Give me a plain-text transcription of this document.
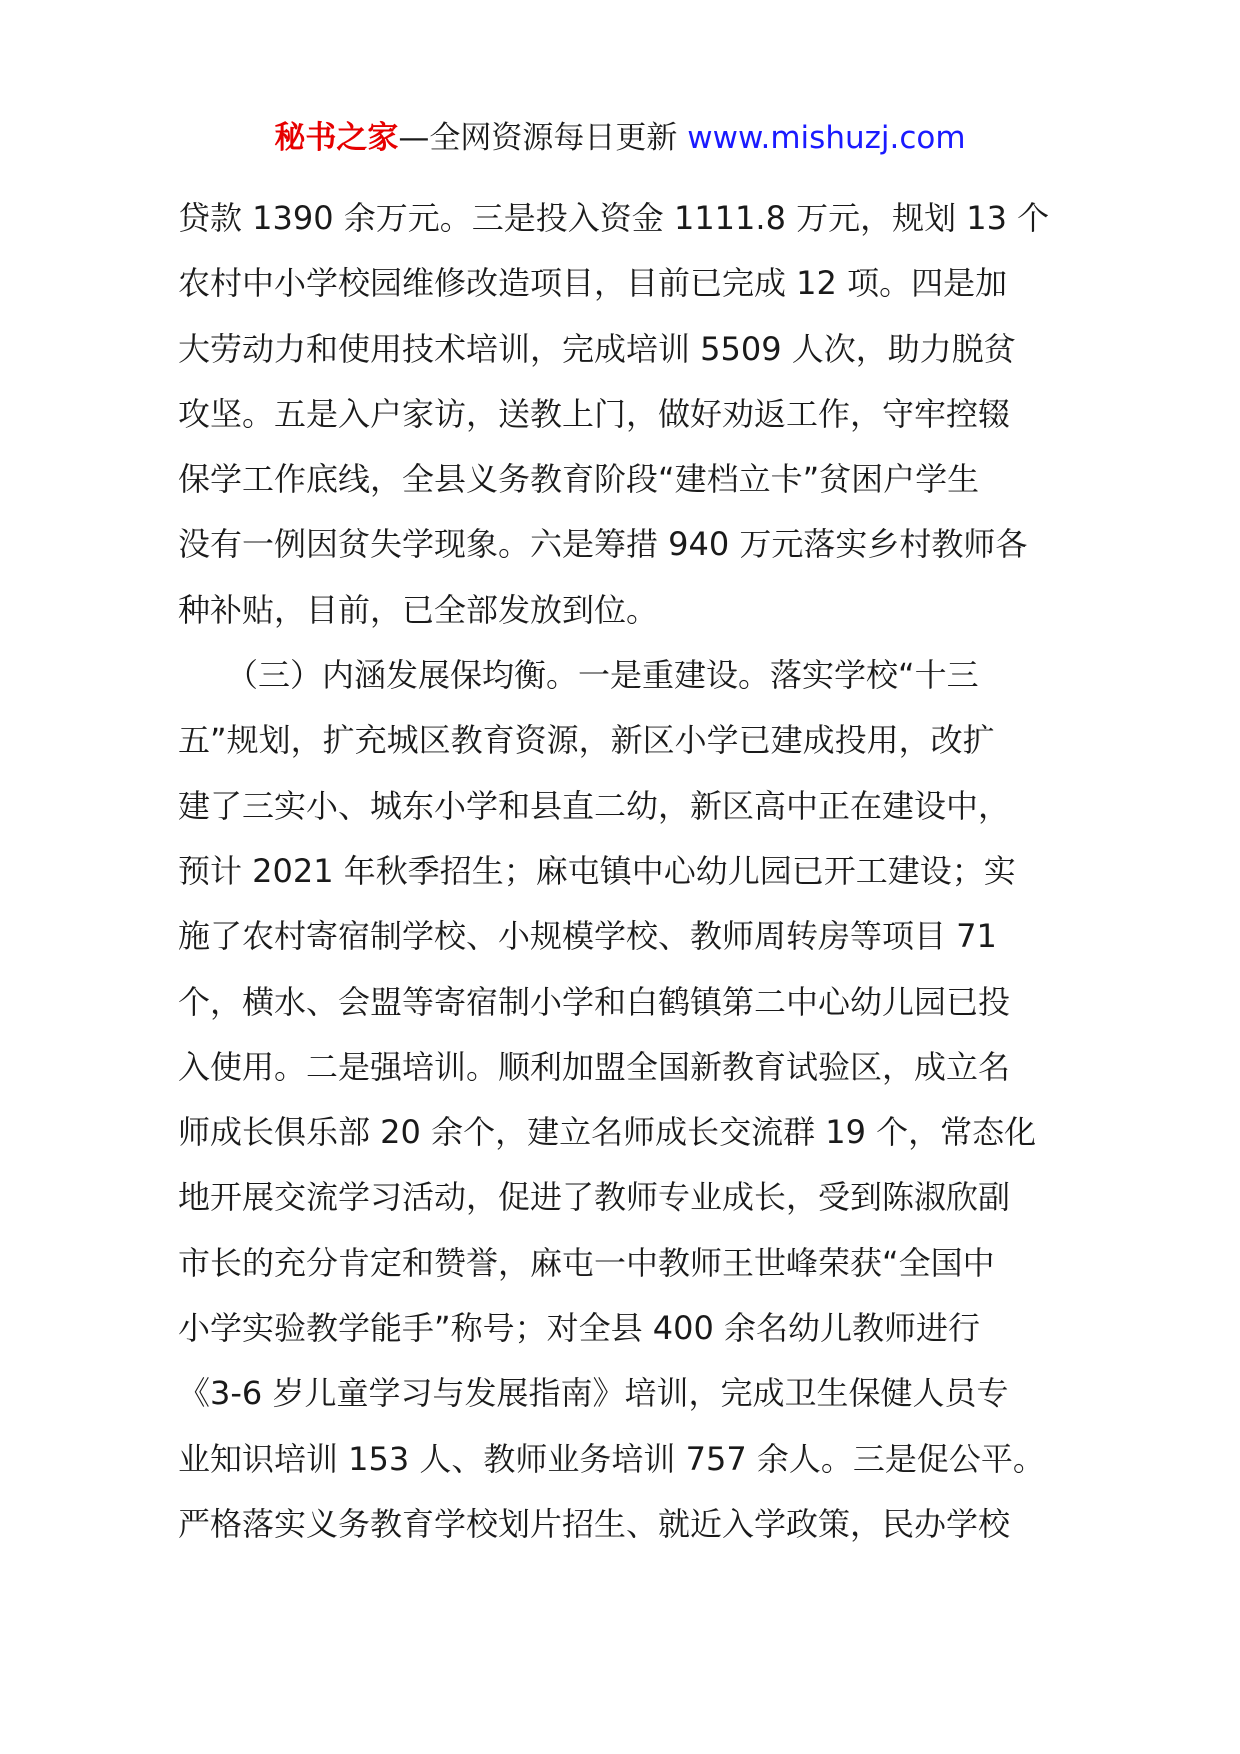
秘书之家—全网资源每日更新 www.mishuzj.com
贷款 1390 余万元。三是投入资金 1111.8 万元，规划 13 个
农村中小学校园维修改造项目，目前已完成 12 项。四是加
大劳动力和使用技术培训，完成培训 5509 人次，助力脱贫
攻坚。五是入户家访，送教上门，做好劝返工作，守牢控辍
保学工作底线，全县义务教育阶段“建档立卡”贫困户学生
没有一例因贫失学现象。六是筹措 940 万元落实乡村教师各
种补贴，目前，已全部发放到位。
　　（三）内涵发展保均衡。一是重建设。落实学校“十三
五”规划，扩充城区教育资源，新区小学已建成投用，改扩
建了三实小、城东小学和县直二幼，新区高中正在建设中，
预计 2021 年秋季招生；麻屯镇中心幼儿园已开工建设；实
施了农村寄宿制学校、小规模学校、教师周转房等项目 71
个，横水、会盟等寄宿制小学和白鹤镇第二中心幼儿园已投
入使用。二是强培训。顺利加盟全国新教育试验区，成立名
师成长俱乐部 20 余个，建立名师成长交流群 19 个，常态化
地开展交流学习活动，促进了教师专业成长，受到陈淑欣副
市长的充分肯定和赞誉，麻屯一中教师王世峰荣获“全国中
小学实验教学能手”称号；对全县 400 余名幼儿教师进行
《3-6 岁儿童学习与发展指南》培训，完成卫生保健人员专
业知识培训 153 人、教师业务培训 757 余人。三是促公平。
严格落实义务教育学校划片招生、就近入学政策，民办学校
